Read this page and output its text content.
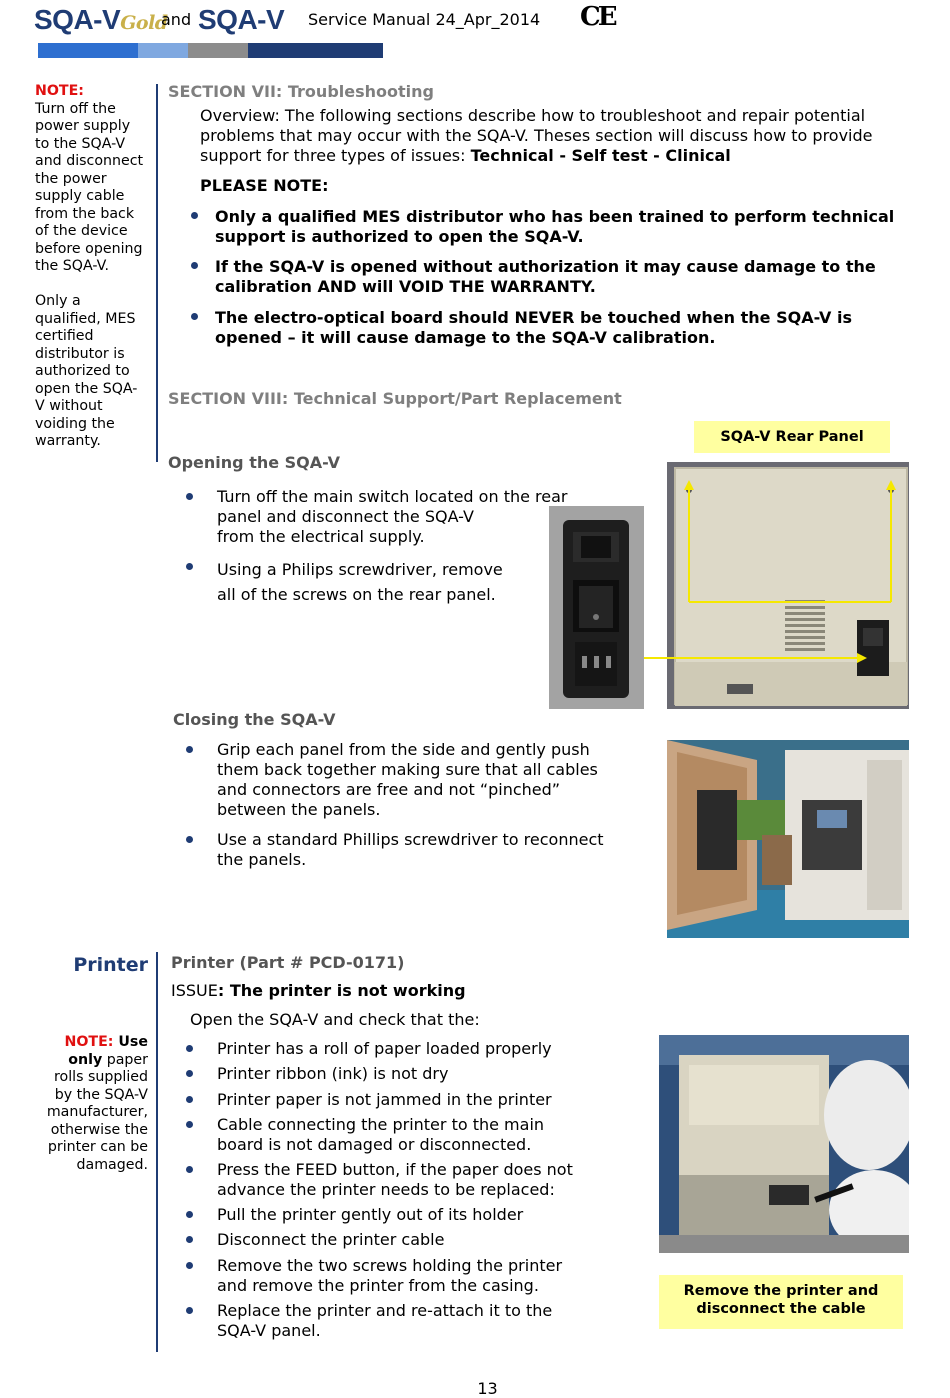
SQA-VGold
and SQA-V Service Manual 24_Apr_2014 CE
NOTE:
Turn off the
power supply
to the SQA-V
and disconnect
the power
supply cable
from the back
of the device
before opening
the SQA-V.
Only a
qualified, MES
certified
distributor is
authorized to
open the SQA-
V without
voiding the
warranty.
Printer
NOTE: Use
only paper
rolls supplied
by the SQA-V
manufacturer,
otherwise the
printer can be
damaged.
SECTION VII: Troubleshooting
Overview: The following sections describe how to troubleshoot and repair potential
problems that may occur with the SQA-V. Theses section will discuss how to provide
support for three types of issues: Technical - Self test - Clinical
PLEASE NOTE:
Only a qualified MES distributor who has been trained to perform technical
support is authorized to open the SQA-V.
If the SQA-V is opened without authorization it may cause damage to the
calibration AND will VOID THE WARRANTY.
The electro-optical board should NEVER be touched when the SQA-V is
opened – it will cause damage to the SQA-V calibration.
SECTION VIII: Technical Support/Part Replacement
SQA-V Rear Panel
Opening the SQA-V
Turn off the main switch located on the rear
panel and disconnect the SQA-V
from the electrical supply.
Using a Philips screwdriver, remove
all of the screws on the rear panel.
Closing the SQA-V
Grip each panel from the side and gently push
them back together making sure that all cables
and connectors are free and not “pinched”
between the panels.
Use a standard Phillips screwdriver to reconnect
the panels.
Printer (Part # PCD-0171)
ISSUE: The printer is not working
Open the SQA-V and check that the:
Printer has a roll of paper loaded properly
Printer ribbon (ink) is not dry
Printer paper is not jammed in the printer
Cable connecting the printer to the main
board is not damaged or disconnected.
Press the FEED button, if the paper does not
advance the printer needs to be replaced:
Pull the printer gently out of its holder
Disconnect the printer cable
Remove the two screws holding the printer
and remove the printer from the casing.
Replace the printer and re-attach it to the
SQA-V panel.
Remove the printer and
disconnect the cable
13
